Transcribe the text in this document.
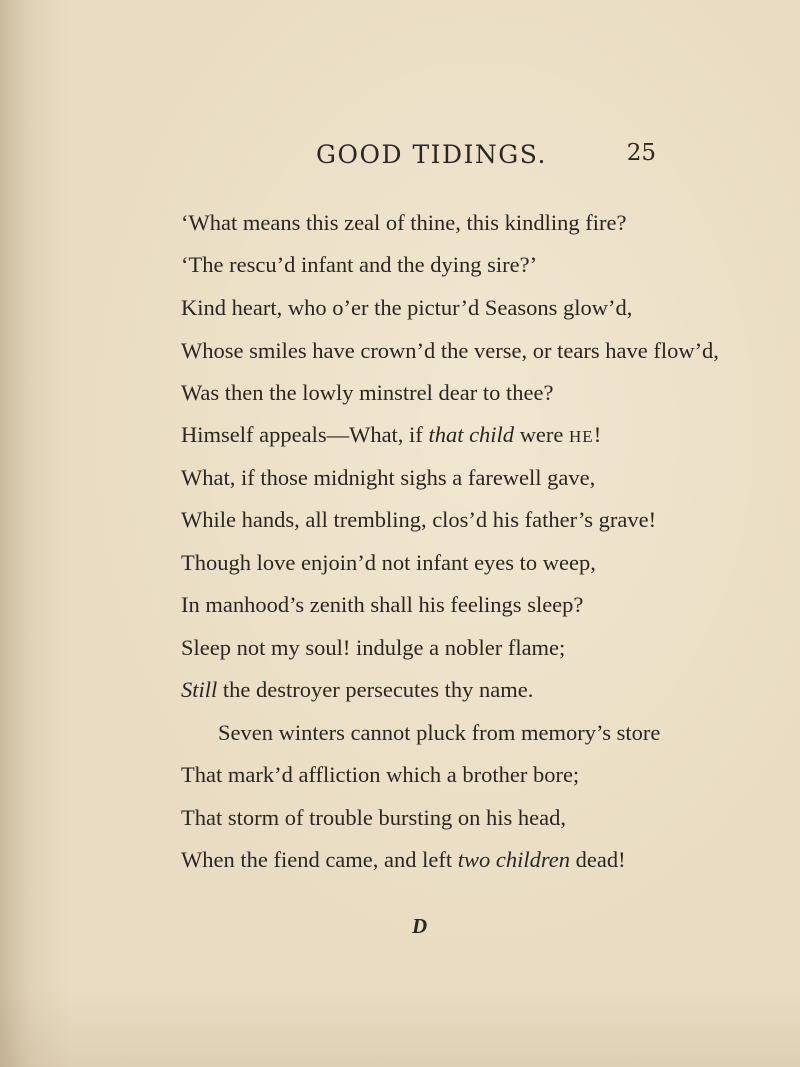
GOOD TIDINGS.	25
‘What means this zeal of thine, this kindling fire?
‘The rescu’d infant and the dying sire?’
Kind heart, who o’er the pictur’d Seasons glow’d,
Whose smiles have crown’d the verse, or tears have flow’d,
Was then the lowly minstrel dear to thee?
Himself appeals—What, if that child were HE!
What, if those midnight sighs a farewell gave,
While hands, all trembling, clos’d his father’s grave!
Though love enjoin’d not infant eyes to weep,
In manhood’s zenith shall his feelings sleep?
Sleep not my soul! indulge a nobler flame;
Still the destroyer persecutes thy name.
Seven winters cannot pluck from memory’s store
That mark’d affliction which a brother bore;
That storm of trouble bursting on his head,
When the fiend came, and left two children dead!
D
